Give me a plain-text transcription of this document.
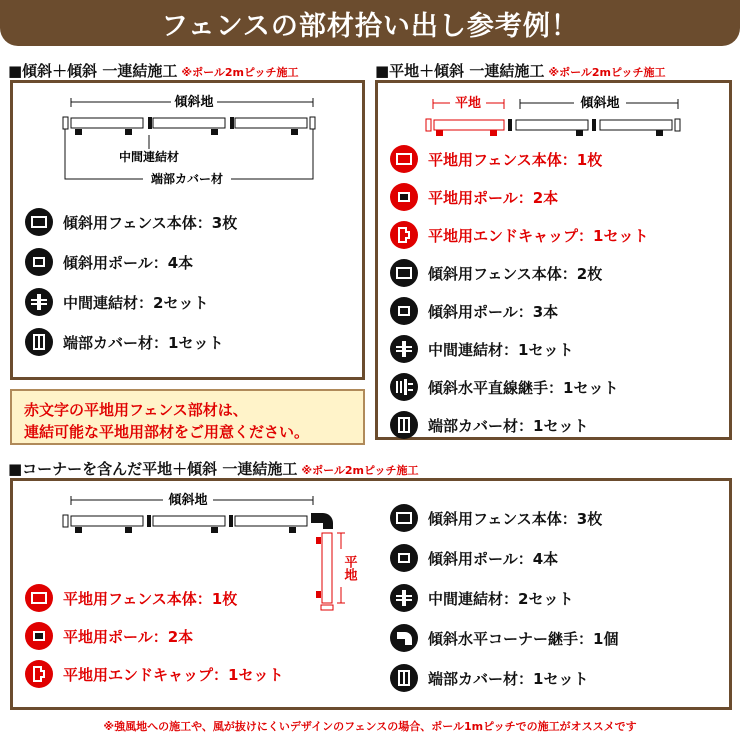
フェンスの部材拾い出し参考例！
■傾斜＋傾斜 一連結施工 ※ポール2mピッチ施工
傾斜地
中間連結材
端部カバー材
傾斜用フェンス本体：3枚
傾斜用ポール：4本
中間連結材：2セット
端部カバー材：1セット
■平地＋傾斜 一連結施工 ※ポール2mピッチ施工
平地	傾斜地
平地用フェンス本体：1枚
平地用ポール：2本
平地用エンドキャップ：1セット
傾斜用フェンス本体：2枚
傾斜用ポール：3本
中間連結材：1セット
傾斜水平直線継手：1セット
端部カバー材：1セット
赤文字の平地用フェンス部材は、
連結可能な平地用部材をご用意ください。
■コーナーを含んだ平地＋傾斜 一連結施工 ※ポール2mピッチ施工
傾斜地
平地
平地用フェンス本体：1枚
平地用ポール：2本
平地用エンドキャップ：1セット
傾斜用フェンス本体：3枚
傾斜用ポール：4本
中間連結材：2セット
傾斜水平コーナー継手：1個
端部カバー材：1セット
※強風地への施工や、風が抜けにくいデザインのフェンスの場合、ポール1mピッチでの施工がオススメです
